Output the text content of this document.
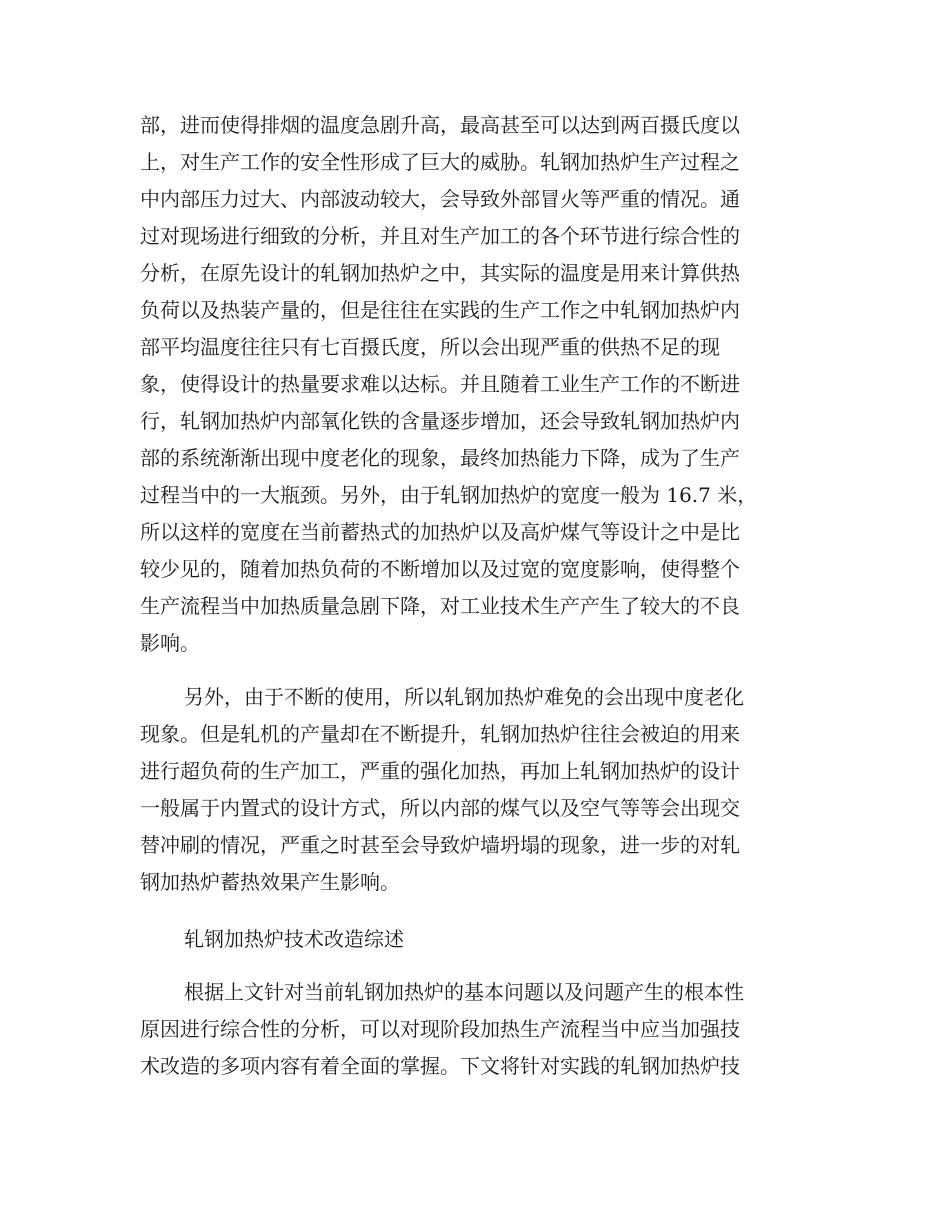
部，进而使得排烟的温度急剧升高，最高甚至可以达到两百摄氏度以
上，对生产工作的安全性形成了巨大的威胁。轧钢加热炉生产过程之
中内部压力过大、内部波动较大，会导致外部冒火等严重的情况。通
过对现场进行细致的分析，并且对生产加工的各个环节进行综合性的
分析，在原先设计的轧钢加热炉之中，其实际的温度是用来计算供热
负荷以及热装产量的，但是往往在实践的生产工作之中轧钢加热炉内
部平均温度往往只有七百摄氏度，所以会出现严重的供热不足的现
象，使得设计的热量要求难以达标。并且随着工业生产工作的不断进
行，轧钢加热炉内部氧化铁的含量逐步增加，还会导致轧钢加热炉内
部的系统渐渐出现中度老化的现象，最终加热能力下降，成为了生产
过程当中的一大瓶颈。另外，由于轧钢加热炉的宽度一般为 16.7 米，
所以这样的宽度在当前蓄热式的加热炉以及高炉煤气等设计之中是比
较少见的，随着加热负荷的不断增加以及过宽的宽度影响，使得整个
生产流程当中加热质量急剧下降，对工业技术生产产生了较大的不良
影响。
另外，由于不断的使用，所以轧钢加热炉难免的会出现中度老化
现象。但是轧机的产量却在不断提升，轧钢加热炉往往会被迫的用来
进行超负荷的生产加工，严重的强化加热，再加上轧钢加热炉的设计
一般属于内置式的设计方式，所以内部的煤气以及空气等等会出现交
替冲刷的情况，严重之时甚至会导致炉墙坍塌的现象，进一步的对轧
钢加热炉蓄热效果产生影响。
轧钢加热炉技术改造综述
根据上文针对当前轧钢加热炉的基本问题以及问题产生的根本性
原因进行综合性的分析，可以对现阶段加热生产流程当中应当加强技
术改造的多项内容有着全面的掌握。下文将针对实践的轧钢加热炉技
